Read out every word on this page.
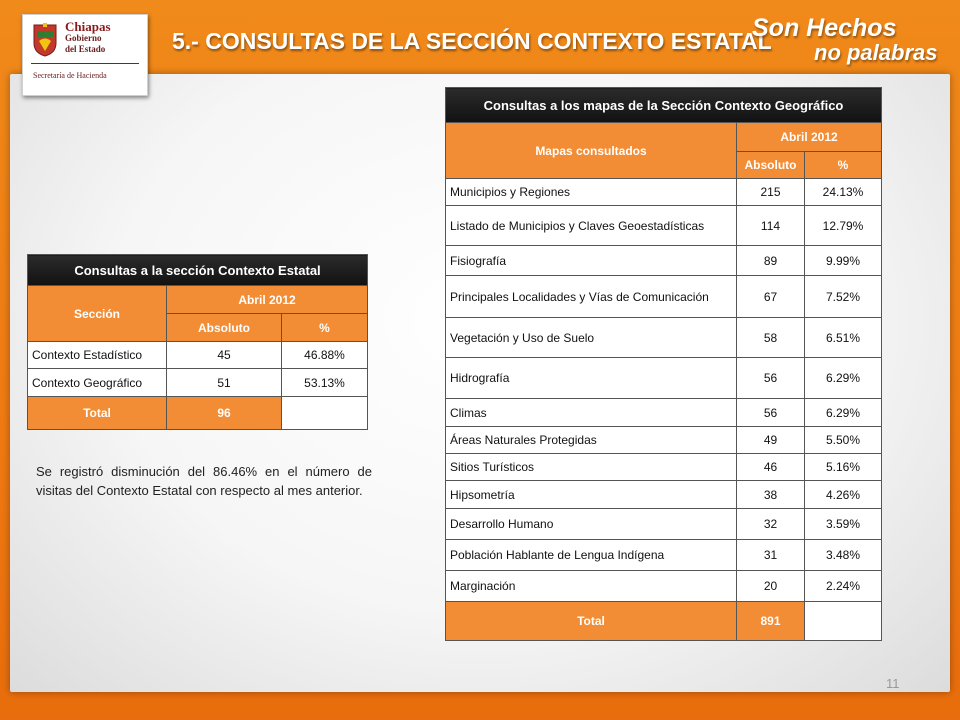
Chiapas
Gobierno
del Estado
Secretaría de Hacienda
5.- CONSULTAS DE LA SECCIÓN CONTEXTO ESTATAL
Son Hechos
no palabras
Consultas a la sección Contexto Estatal		
Sección	Abril 2012	
	Absoluto	%
Contexto Estadístico	45	46.88%
Contexto Geográfico	51	53.13%
Total	96	
Se registró disminución del 86.46% en el número de visitas del Contexto Estatal con respecto al mes anterior.
Consultas a los mapas de la Sección Contexto Geográfico		
Mapas consultados	Abril 2012	
	Absoluto	%
Municipios y Regiones	215	24.13%
Listado de Municipios y Claves Geoestadísticas	114	12.79%
Fisiografía	89	9.99%
Principales Localidades y Vías de Comunicación	67	7.52%
Vegetación y Uso de Suelo	58	6.51%
Hidrografía	56	6.29%
Climas	56	6.29%
Áreas Naturales Protegidas	49	5.50%
Sitios Turísticos	46	5.16%
Hipsometría	38	4.26%
Desarrollo Humano	32	3.59%
Población Hablante de Lengua Indígena	31	3.48%
Marginación	20	2.24%
Total	891	
11
